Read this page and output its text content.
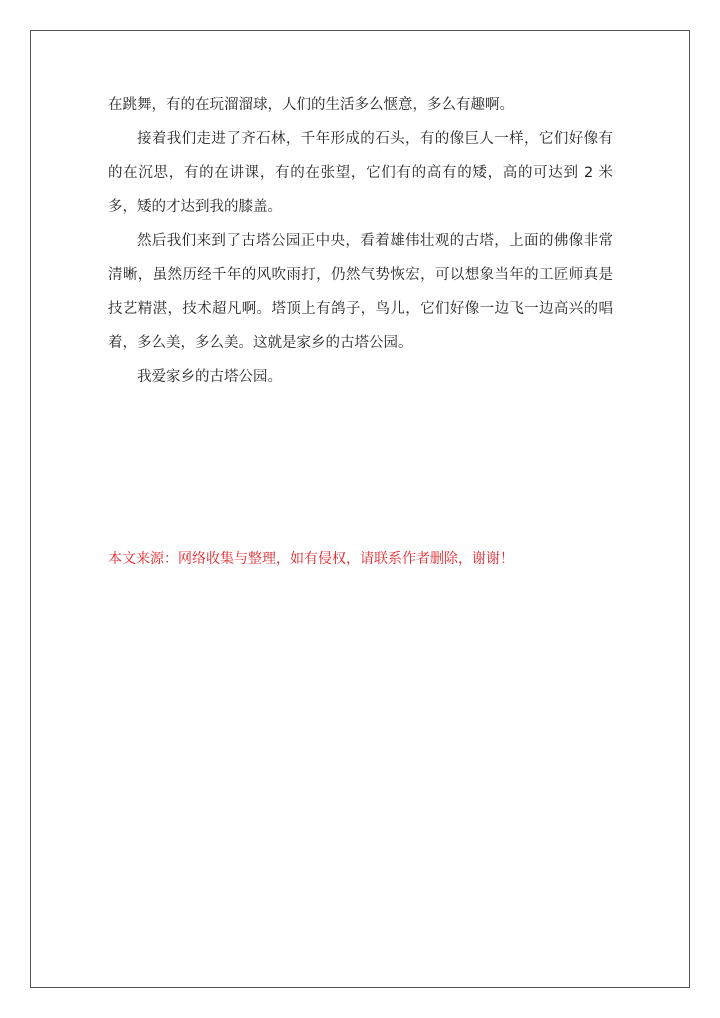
在跳舞，有的在玩溜溜球，人们的生活多么惬意，多么有趣啊。

接着我们走进了齐石林，千年形成的石头，有的像巨人一样，它们好像有的在沉思，有的在讲课，有的在张望，它们有的高有的矮，高的可达到 2 米多，矮的才达到我的膝盖。

然后我们来到了古塔公园正中央，看着雄伟壮观的古塔，上面的佛像非常清晰，虽然历经千年的风吹雨打，仍然气势恢宏，可以想象当年的工匠师真是技艺精湛，技术超凡啊。塔顶上有鸽子，鸟儿，它们好像一边飞一边高兴的唱着，多么美，多么美。这就是家乡的古塔公园。

我爱家乡的古塔公园。

本文来源：网络收集与整理，如有侵权，请联系作者删除，谢谢！
